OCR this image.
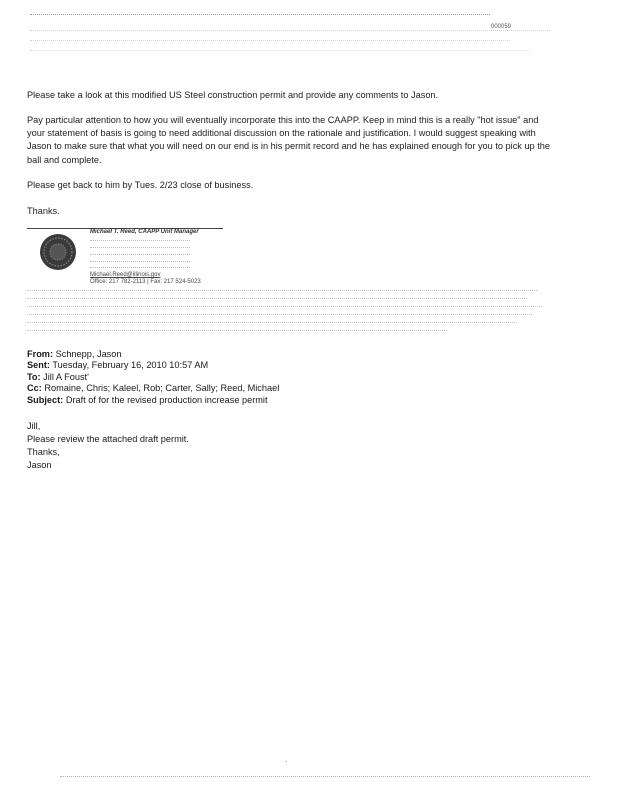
000059

Please take a look at this modified US Steel construction permit and provide any comments to Jason.

Pay particular attention to how you will eventually incorporate this into the CAAPP. Keep in mind this is a really "hot issue" and your statement of basis is going to need additional discussion on the rationale and justification. I would suggest speaking with Jason to make sure that what you will need on our end is in his permit record and he has explained enough for you to pick up the ball and complete.

Please get back to him by Tues. 2/23 close of business.

Thanks.

Michael T. Reed, CAAPP Unit Manager
Michael.Reed@illinois.gov
Office: 217 782-2113 | Fax: 217 524-5023
From: Schnepp, Jason
Sent: Tuesday, February 16, 2010 10:57 AM
To: Jill A Foust'
Cc: Romaine, Chris; Kaleel, Rob; Carter, Sally; Reed, Michael
Subject: Draft of for the revised production increase permit
Jill,
Please review the attached draft permit.
Thanks,
Jason
`
